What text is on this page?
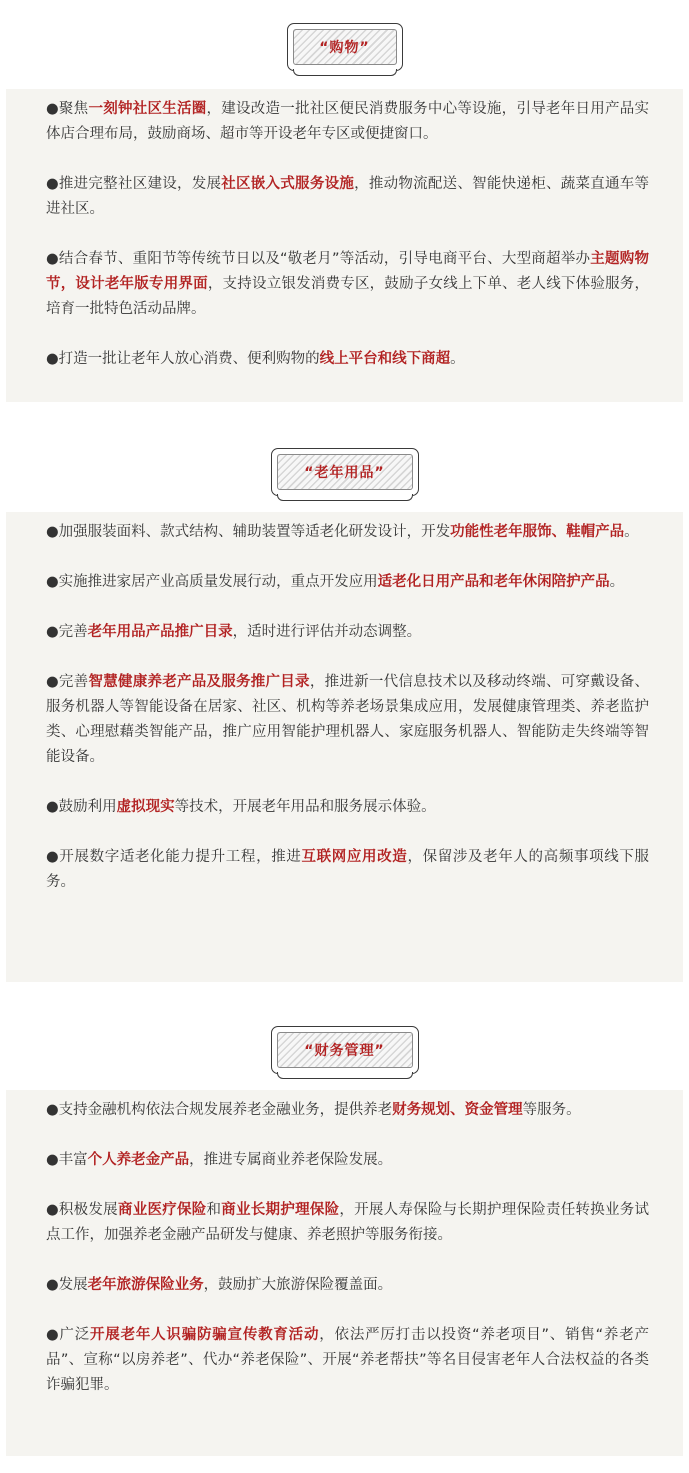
“购物”

●聚焦一刻钟社区生活圈，建设改造一批社区便民消费服务中心等设施，引导老年日用产品实体店合理布局，鼓励商场、超市等开设老年专区或便捷窗口。

●推进完整社区建设，发展社区嵌入式服务设施，推动物流配送、智能快递柜、蔬菜直通车等进社区。

●结合春节、重阳节等传统节日以及“敬老月”等活动，引导电商平台、大型商超举办主题购物节，设计老年版专用界面，支持设立银发消费专区，鼓励子女线上下单、老人线下体验服务，培育一批特色活动品牌。

●打造一批让老年人放心消费、便利购物的线上平台和线下商超。

“老年用品”

●加强服装面料、款式结构、辅助装置等适老化研发设计，开发功能性老年服饰、鞋帽产品。

●实施推进家居产业高质量发展行动，重点开发应用适老化日用产品和老年休闲陪护产品。

●完善老年用品产品推广目录，适时进行评估并动态调整。

●完善智慧健康养老产品及服务推广目录，推进新一代信息技术以及移动终端、可穿戴设备、服务机器人等智能设备在居家、社区、机构等养老场景集成应用，发展健康管理类、养老监护类、心理慰藉类智能产品，推广应用智能护理机器人、家庭服务机器人、智能防走失终端等智能设备。

●鼓励利用虚拟现实等技术，开展老年用品和服务展示体验。

●开展数字适老化能力提升工程，推进互联网应用改造，保留涉及老年人的高频事项线下服务。

“财务管理”

●支持金融机构依法合规发展养老金融业务，提供养老财务规划、资金管理等服务。

●丰富个人养老金产品，推进专属商业养老保险发展。

●积极发展商业医疗保险和商业长期护理保险，开展人寿保险与长期护理保险责任转换业务试点工作，加强养老金融产品研发与健康、养老照护等服务衔接。

●发展老年旅游保险业务，鼓励扩大旅游保险覆盖面。

●广泛开展老年人识骗防骗宣传教育活动，依法严厉打击以投资“养老项目”、销售“养老产品”、宣称“以房养老”、代办“养老保险”、开展“养老帮扶”等名目侵害老年人合法权益的各类诈骗犯罪。
